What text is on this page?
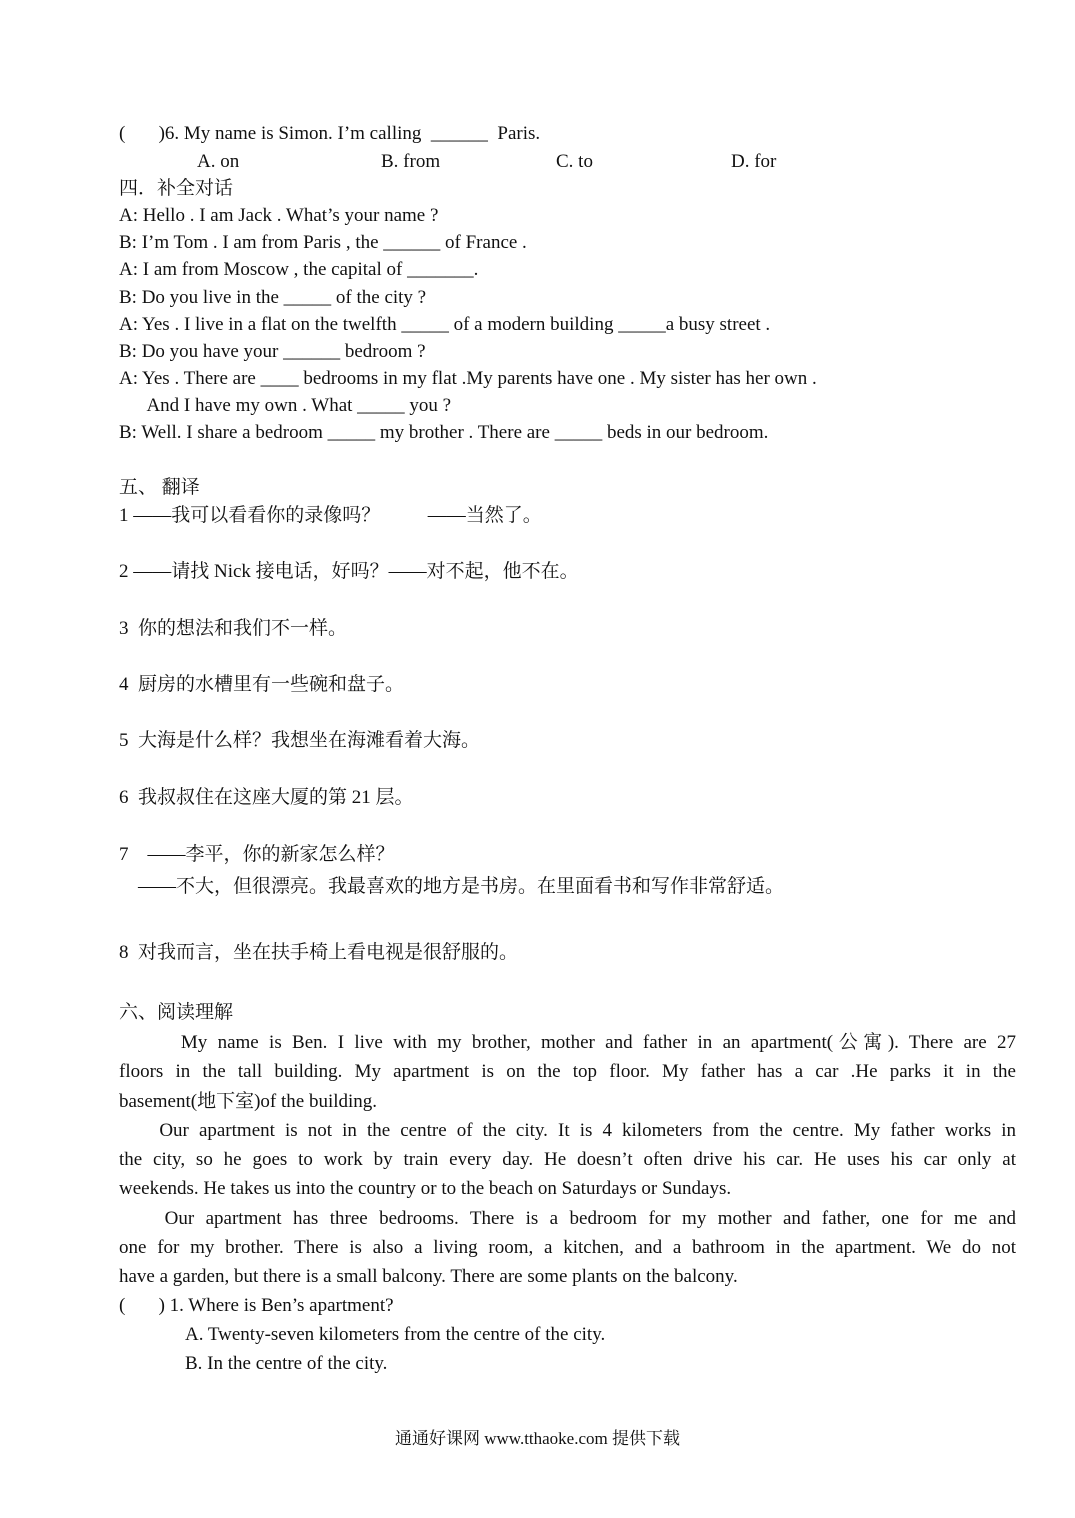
(       )6. My name is Simon. I’m calling  ______  Paris.
A. on	B. from	C. to	D. for
四．补全对话
A: Hello . I am Jack . What’s your name ?
B: I’m Tom . I am from Paris , the ______ of France .
A: I am from Moscow , the capital of _______.
B: Do you live in the _____ of the city ?
A: Yes . I live in a flat on the twelfth _____ of a modern building _____a busy street .
B: Do you have your ______ bedroom ?
A: Yes . There are ____ bedrooms in my flat .My parents have one . My sister has her own .
And I have my own . What _____ you ?
B: Well. I share a bedroom _____ my brother . There are _____ beds in our bedroom.
五、 翻译
1 ——我可以看看你的录像吗？          ——当然了。
2 ——请找 Nick 接电话，好吗？——对不起，他不在。
3  你的想法和我们不一样。
4  厨房的水槽里有一些碗和盘子。
5  大海是什么样？我想坐在海滩看着大海。
6  我叔叔住在这座大厦的第 21 层。
7    ——李平，你的新家怎么样？
——不大，但很漂亮。我最喜欢的地方是书房。在里面看书和写作非常舒适。
8  对我而言，坐在扶手椅上看电视是很舒服的。
六、阅读理解

My name is Ben. I live with my brother, mother and father in an apartment(公寓). There are 27

floors in the tall building. My apartment is on the top floor. My father has a car .He parks it in the

basement(地下室)of the building.

Our apartment is not in the centre of the city. It is 4 kilometers from the centre. My father works in

the city, so he goes to work by train every day. He doesn’t often drive his car. He uses his car only at

weekends. He takes us into the country or to the beach on Saturdays or Sundays.

Our apartment has three bedrooms. There is a bedroom for my mother and father, one for me and

one for my brother. There is also a living room, a kitchen, and a bathroom in the apartment. We do not

have a garden, but there is a small balcony. There are some plants on the balcony.

(       ) 1. Where is Ben’s apartment?
A. Twenty-seven kilometers from the centre of the city.
B. In the centre of the city.
通通好课网 www.tthaoke.com 提供下载
